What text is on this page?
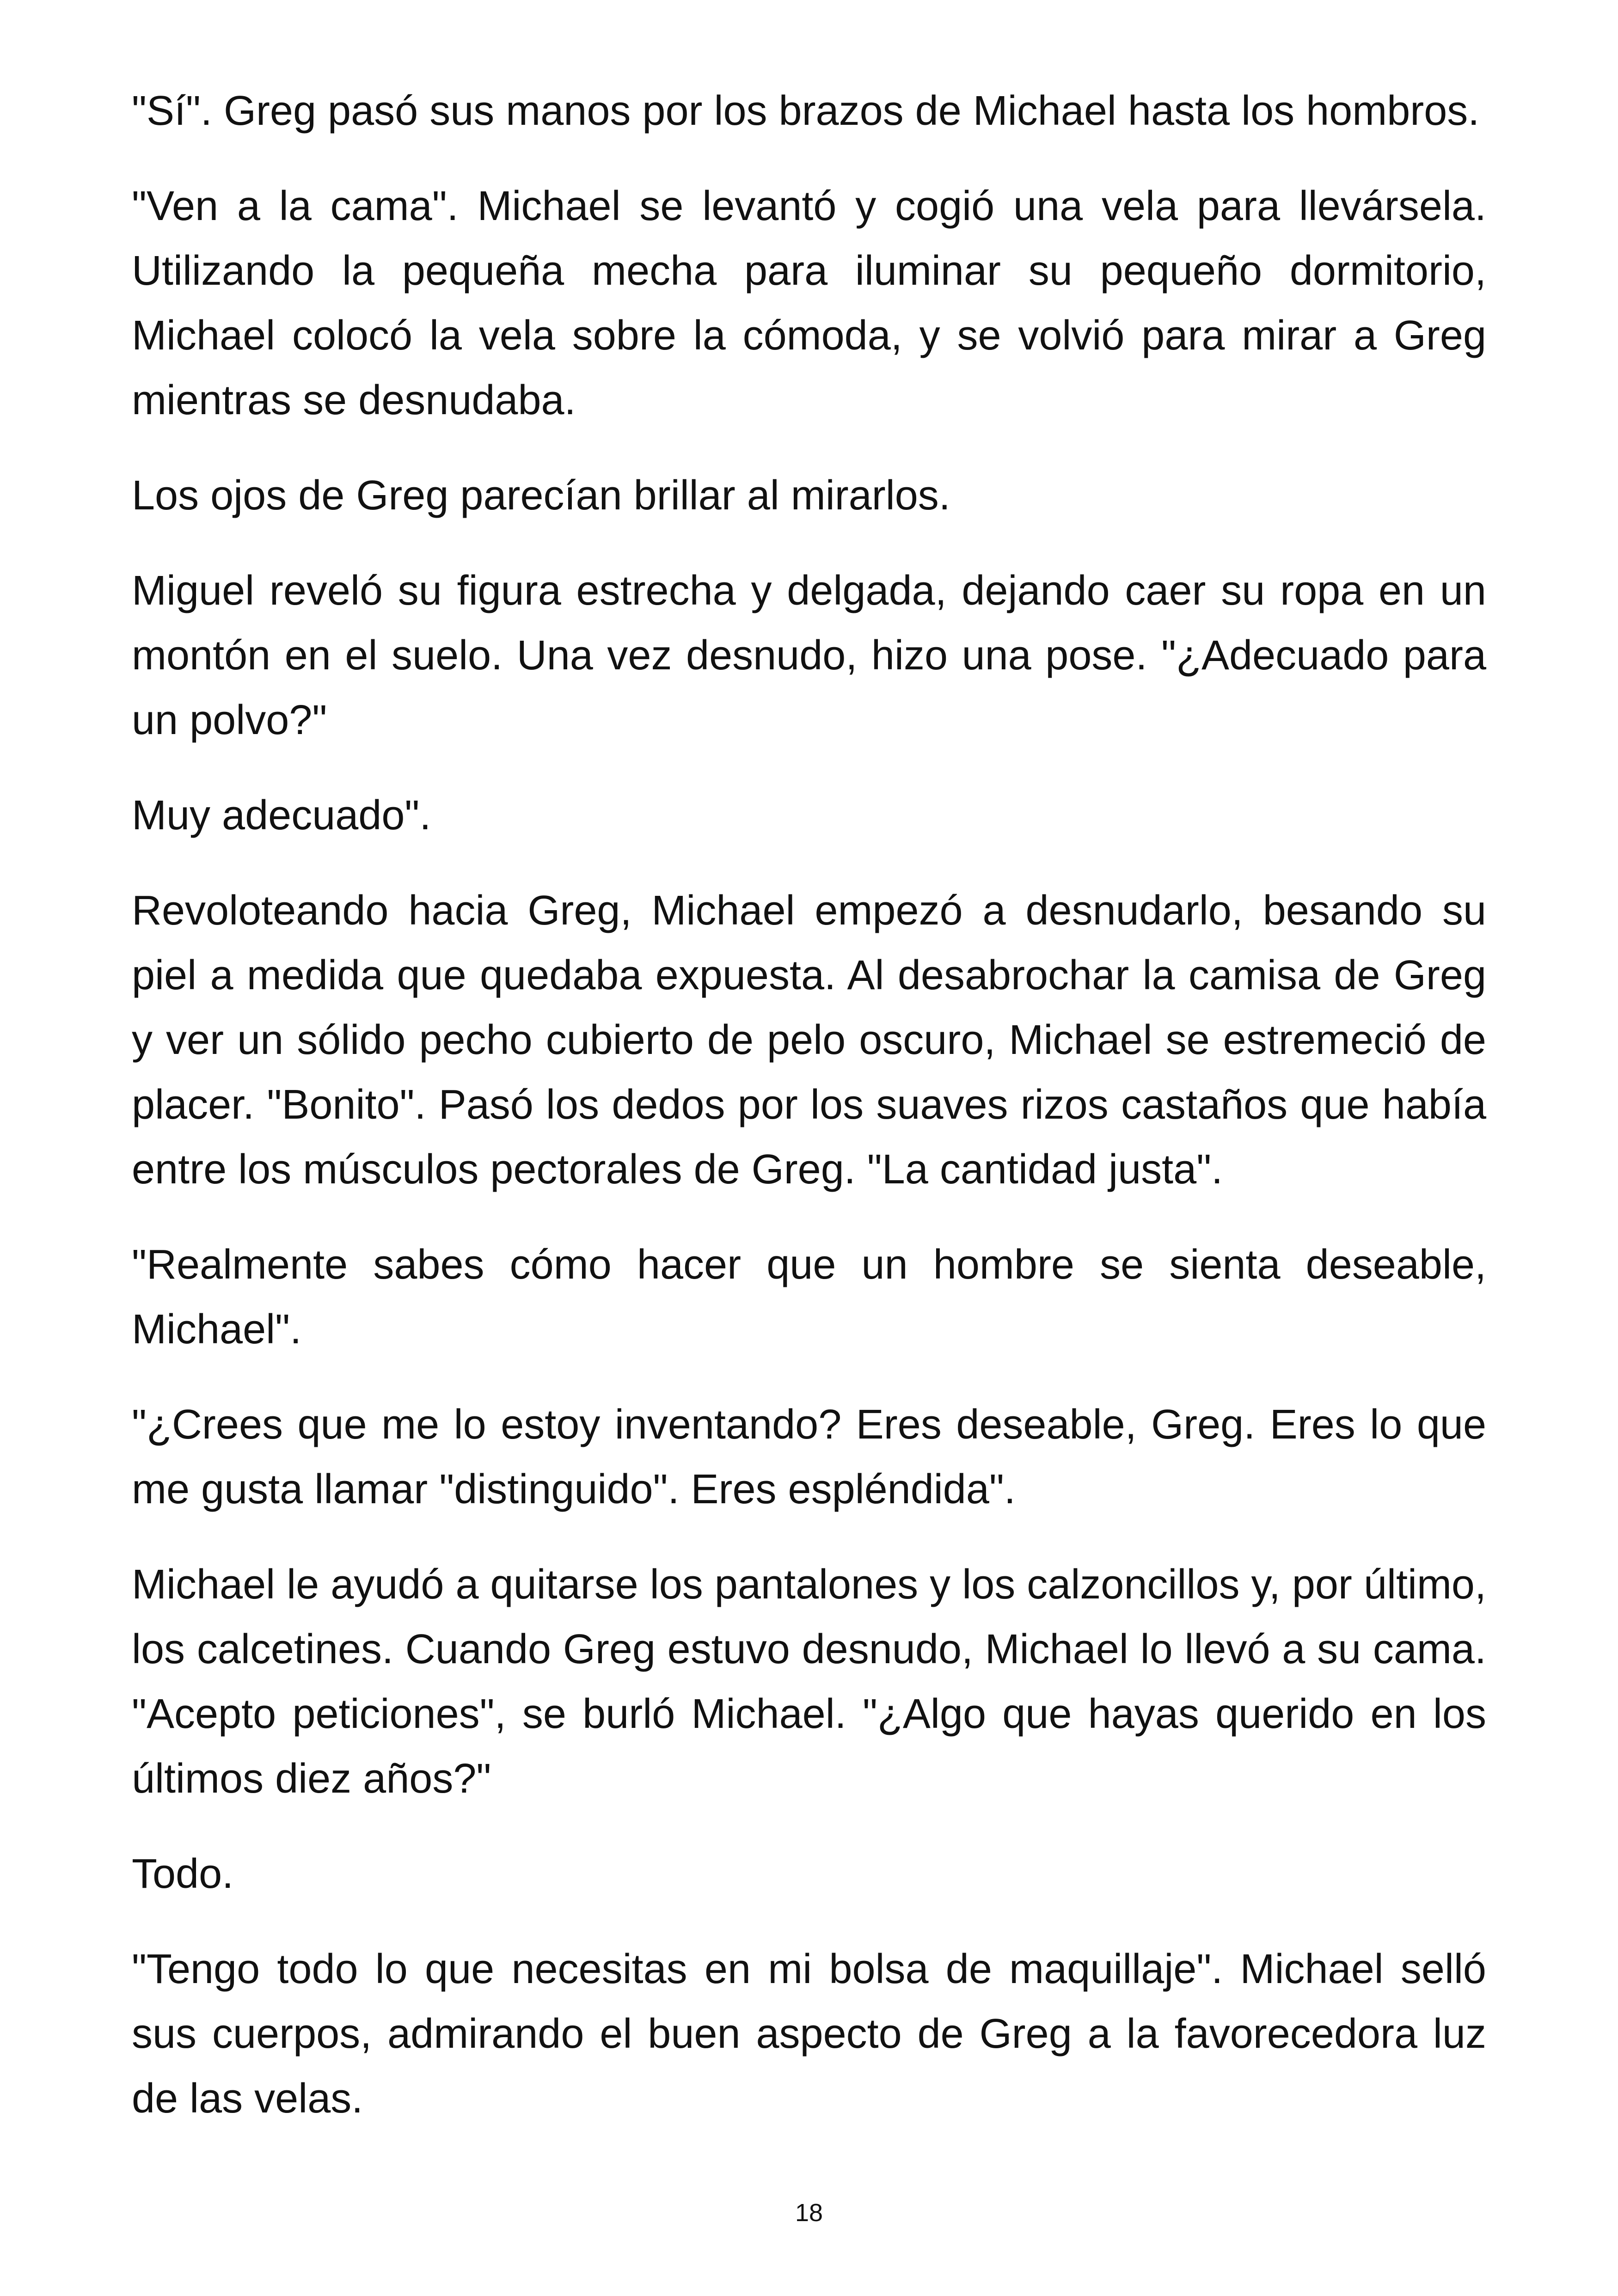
"Sí". Greg pasó sus manos por los brazos de Michael hasta los hombros.

"Ven a la cama". Michael se levantó y cogió una vela para llevársela. Utilizando la pequeña mecha para iluminar su pequeño dormitorio, Michael colocó la vela sobre la cómoda, y se volvió para mirar a Greg mientras se desnudaba.

Los ojos de Greg parecían brillar al mirarlos.

Miguel reveló su figura estrecha y delgada, dejando caer su ropa en un montón en el suelo. Una vez desnudo, hizo una pose. "¿Adecuado para un polvo?"

Muy adecuado".

Revoloteando hacia Greg, Michael empezó a desnudarlo, besando su piel a medida que quedaba expuesta. Al desabrochar la camisa de Greg y ver un sólido pecho cubierto de pelo oscuro, Michael se estremeció de placer. "Bonito". Pasó los dedos por los suaves rizos castaños que había entre los músculos pectorales de Greg. "La cantidad justa".

"Realmente sabes cómo hacer que un hombre se sienta deseable, Michael".

"¿Crees que me lo estoy inventando? Eres deseable, Greg. Eres lo que me gusta llamar "distinguido". Eres espléndida".

Michael le ayudó a quitarse los pantalones y los calzoncillos y, por último, los calcetines. Cuando Greg estuvo desnudo, Michael lo llevó a su cama. "Acepto peticiones", se burló Michael. "¿Algo que hayas querido en los últimos diez años?"

Todo.

"Tengo todo lo que necesitas en mi bolsa de maquillaje". Michael selló sus cuerpos, admirando el buen aspecto de Greg a la favorecedora luz de las velas.

18
